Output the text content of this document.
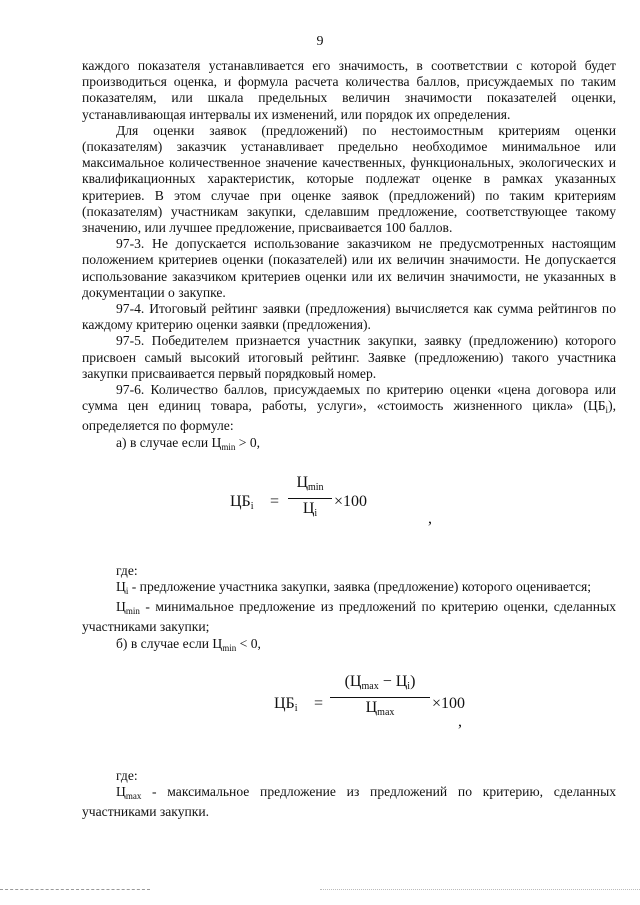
9

каждого показателя устанавливается его значимость, в соответствии с которой будет производиться оценка, и формула расчета количества баллов, присуждаемых по таким показателям, или шкала предельных величин значимости показателей оценки, устанавливающая интервалы их изменений, или порядок их определения.

Для оценки заявок (предложений) по нестоимостным критериям оценки (показателям) заказчик устанавливает предельно необходимое минимальное или максимальное количественное значение качественных, функциональных, экологических и квалификационных характеристик, которые подлежат оценке в рамках указанных критериев. В этом случае при оценке заявок (предложений) по таким критериям (показателям) участникам закупки, сделавшим предложение, соответствующее такому значению, или лучшее предложение, присваивается 100 баллов.

97-3. Не допускается использование заказчиком не предусмотренных настоящим положением критериев оценки (показателей) или их величин значимости. Не допускается использование заказчиком критериев оценки или их величин значимости, не указанных в документации о закупке.

97-4. Итоговый рейтинг заявки (предложения) вычисляется как сумма рейтингов по каждому критерию оценки заявки (предложения).

97-5. Победителем признается участник закупки, заявку (предложению) которого присвоен самый высокий итоговый рейтинг. Заявке (предложению) такого участника закупки присваивается первый порядковый номер.

97-6. Количество баллов, присуждаемых по критерию оценки «цена договора или сумма цен единиц товара, работы, услуги», «стоимость жизненного цикла» $(ЦБ_i)$, определяется по формуле:

а) в случае если $Ц_{min} > 0$,

$ЦБ_i$ =
$Ц_{min}$
$Ц_i$
×100
,

где:

$Ц_i$ - предложение участника закупки, заявка (предложение) которого оценивается;

$Ц_{min}$ - минимальное предложение из предложений по критерию оценки, сделанных участниками закупки;

б) в случае если $Ц_{min} < 0$,

$ЦБ_i$ =
$(Ц_{max} - Ц_i)$
$Ц_{max}$
×100
,

где:

$Ц_{max}$ - максимальное предложение из предложений по критерию, сделанных участниками закупки.
